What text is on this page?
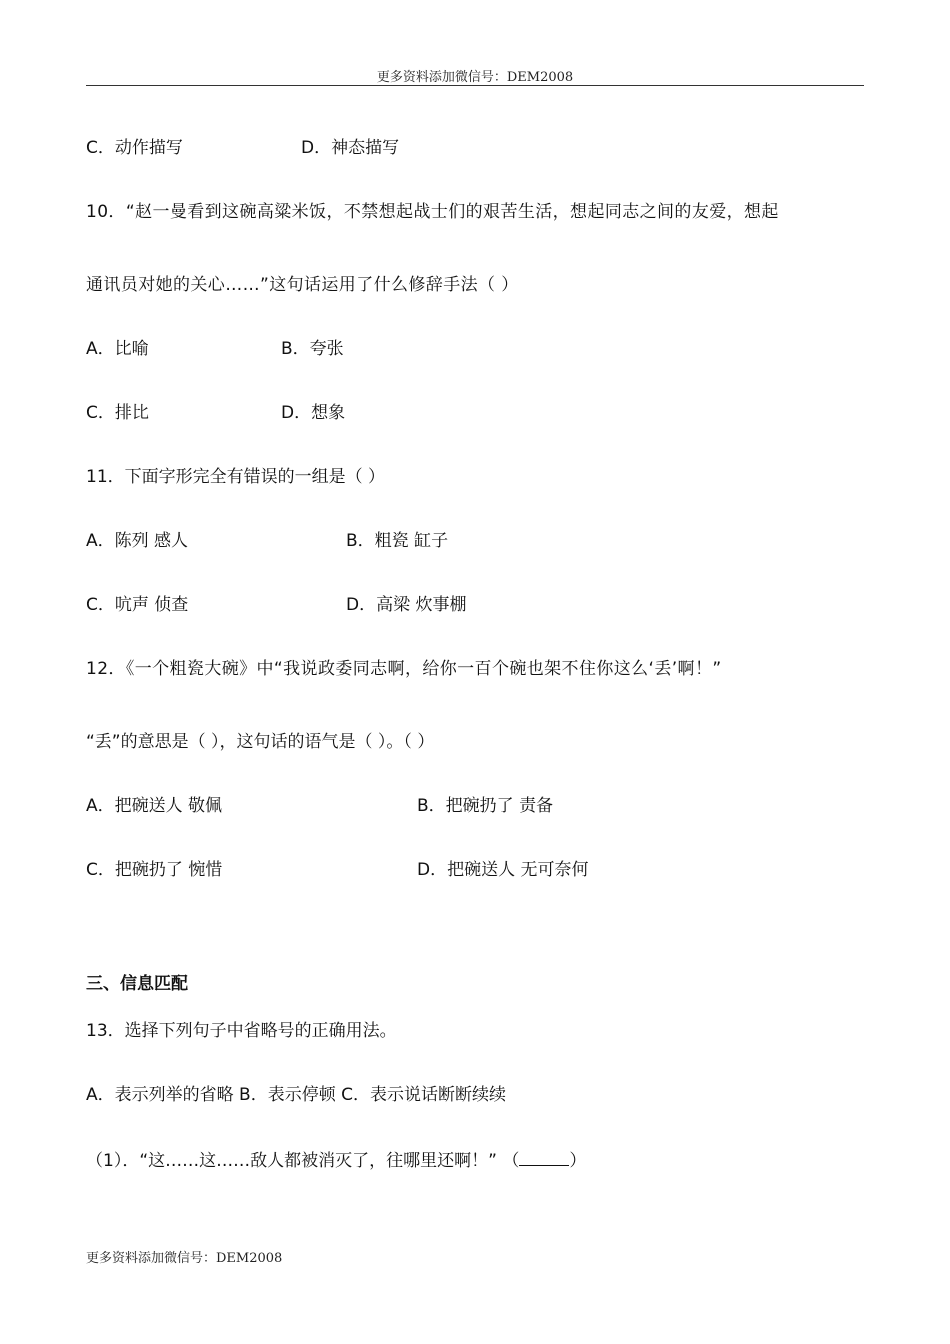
更多资料添加微信号：DEM2008
C．动作描写	D．神态描写
10．“赵一曼看到这碗高粱米饭，不禁想起战士们的艰苦生活，想起同志之间的友爱，想起
通讯员对她的关心……”这句话运用了什么修辞手法（ ）
A．比喻	B．夸张
C．排比	D．想象
11．下面字形完全有错误的一组是（ ）
A．陈列 感人	B．粗瓷 缸子
C．吭声 侦查	D．高梁 炊事棚
12．《一个粗瓷大碗》中“我说政委同志啊，给你一百个碗也架不住你这么‘丢’啊！”
“丢”的意思是（ ），这句话的语气是（ ）。（ ）
A．把碗送人 敬佩	B．把碗扔了 责备
C．把碗扔了 惋惜	D．把碗送人 无可奈何
三、信息匹配
13．选择下列句子中省略号的正确用法。
A．表示列举的省略 B．表示停顿 C．表示说话断断续续
（1）．“这……这……敌人都被消灭了，往哪里还啊！” （	）
更多资料添加微信号：DEM2008
